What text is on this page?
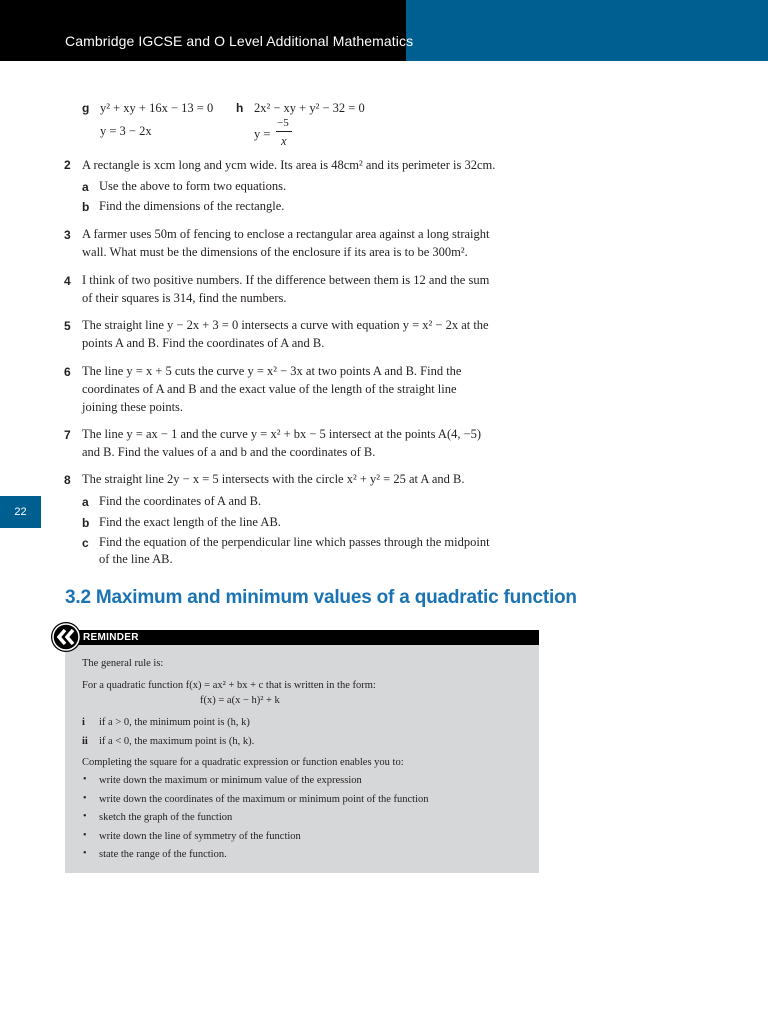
Cambridge IGCSE and O Level Additional Mathematics
22
g y² + xy + 16x − 13 = 0
y = 3 − 2x
h 2x² − xy + y² − 32 = 0
y =
−5
x
2 A rectangle is xcm long and ycm wide. Its area is 48cm² and its perimeter is 32cm.
a Use the above to form two equations.
b Find the dimensions of the rectangle.
3 A farmer uses 50m of fencing to enclose a rectangular area against a long straight
wall. What must be the dimensions of the enclosure if its area is to be 300m².
4 I think of two positive numbers. If the difference between them is 12 and the sum
of their squares is 314, find the numbers.
5 The straight line y − 2x + 3 = 0 intersects a curve with equation y = x² − 2x at the
points A and B. Find the coordinates of A and B.
6 The line y = x + 5 cuts the curve y = x² − 3x at two points A and B. Find the
coordinates of A and B and the exact value of the length of the straight line
joining these points.
7 The line y = ax − 1 and the curve y = x² + bx − 5 intersect at the points A(4, −5)
and B. Find the values of a and b and the coordinates of B.
8 The straight line 2y − x = 5 intersects with the circle x² + y² = 25 at A and B.
a Find the coordinates of A and B.
b Find the exact length of the line AB.
c Find the equation of the perpendicular line which passes through the midpoint
of the line AB.
3.2 Maximum and minimum values of a quadratic function
REMINDER
The general rule is:
For a quadratic function f(x) = ax² + bx + c that is written in the form:
f(x) = a(x − h)² + k
i if a > 0, the minimum point is (h, k)
ii if a < 0, the maximum point is (h, k).
Completing the square for a quadratic expression or function enables you to:
• write down the maximum or minimum value of the expression
• write down the coordinates of the maximum or minimum point of the function
• sketch the graph of the function
• write down the line of symmetry of the function
• state the range of the function.
